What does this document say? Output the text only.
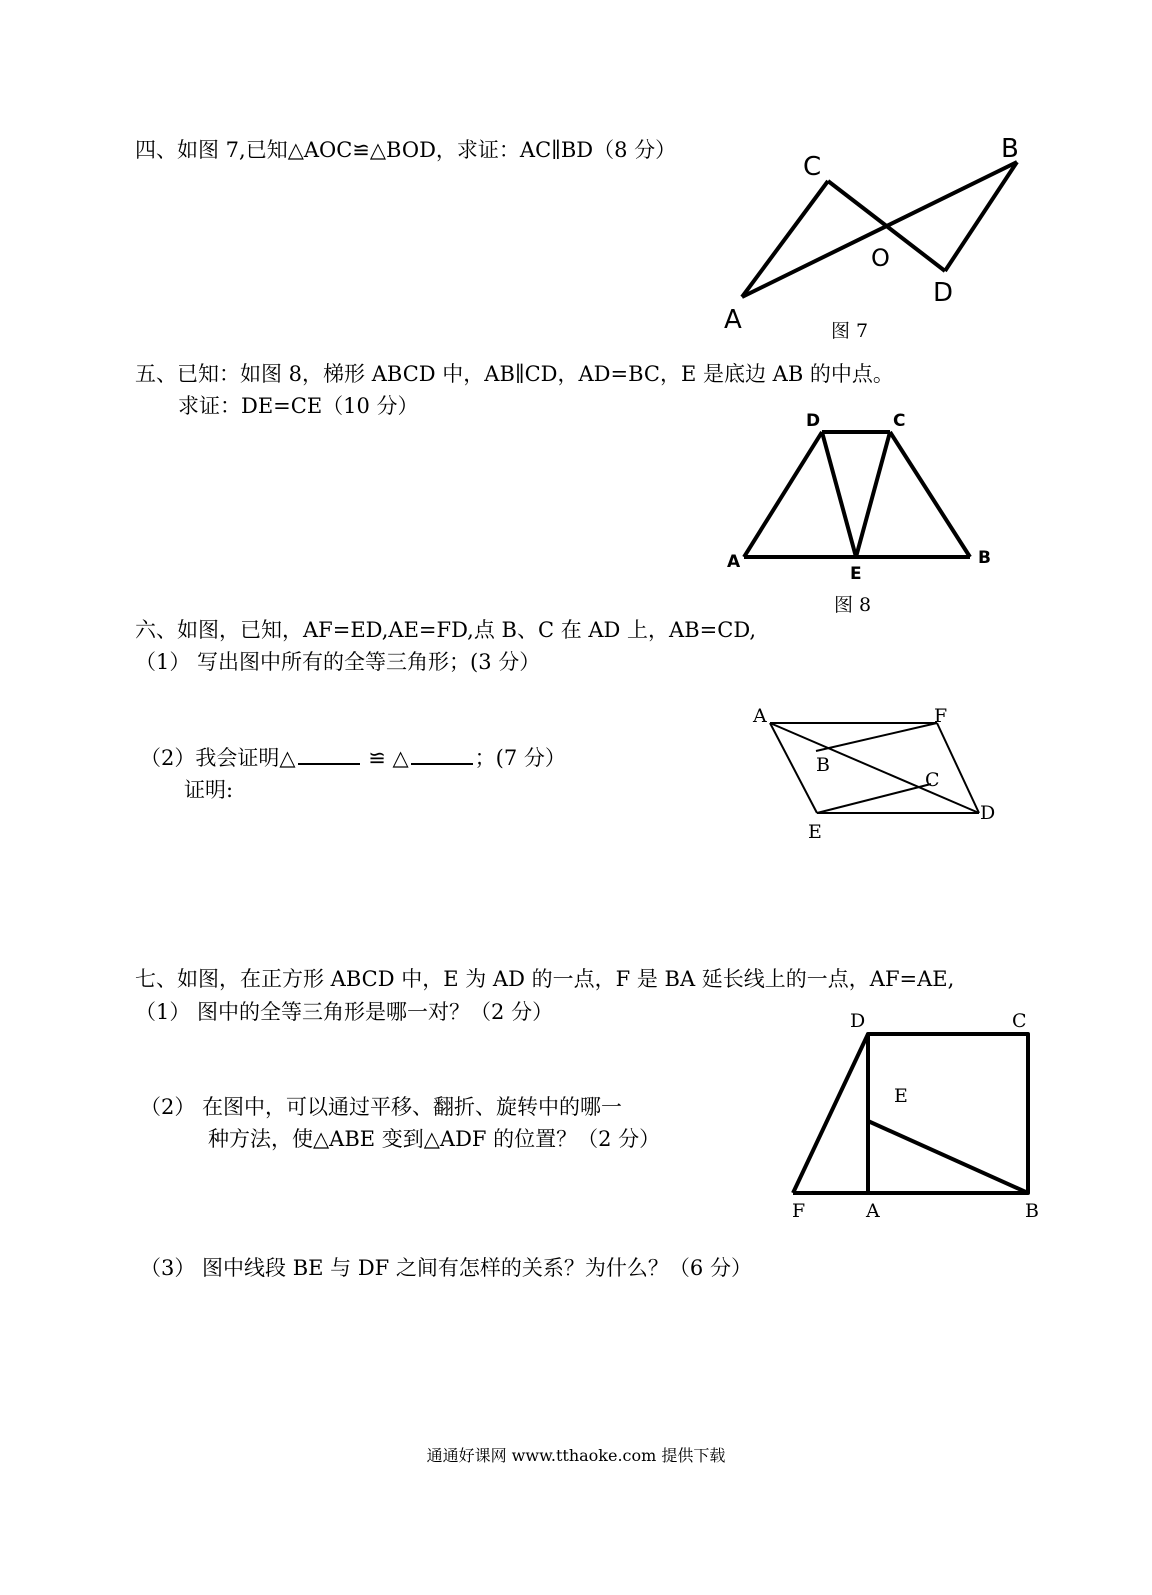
四、如图 7,已知△AOC≌△BOD，求证：AC∥BD（8 分）
C
B
O
D
A	图 7
五、已知：如图 8，梯形 ABCD 中，AB∥CD，AD=BC，E 是底边 AB 的中点。
求证：DE=CE（10 分）
D	C
A	B
E
图 8
六、如图，已知，AF=ED,AE=FD,点 B、C 在 AD 上，AB=CD,
（1） 写出图中所有的全等三角形；(3 分）
（2）我会证明△	≌ △	；(7 分）
证明:
A	F
B
C
D
E
七、如图，在正方形 ABCD 中，E 为 AD 的一点，F 是 BA 延长线上的一点，AF=AE,
（1） 图中的全等三角形是哪一对？（2 分）
（2） 在图中，可以通过平移、翻折、旋转中的哪一
种方法，使△ABE 变到△ADF 的位置？（2 分）
（3） 图中线段 BE 与 DF 之间有怎样的关系？为什么？（6 分）
D	C
E
F	A	B
通通好课网 www.tthaoke.com 提供下载
